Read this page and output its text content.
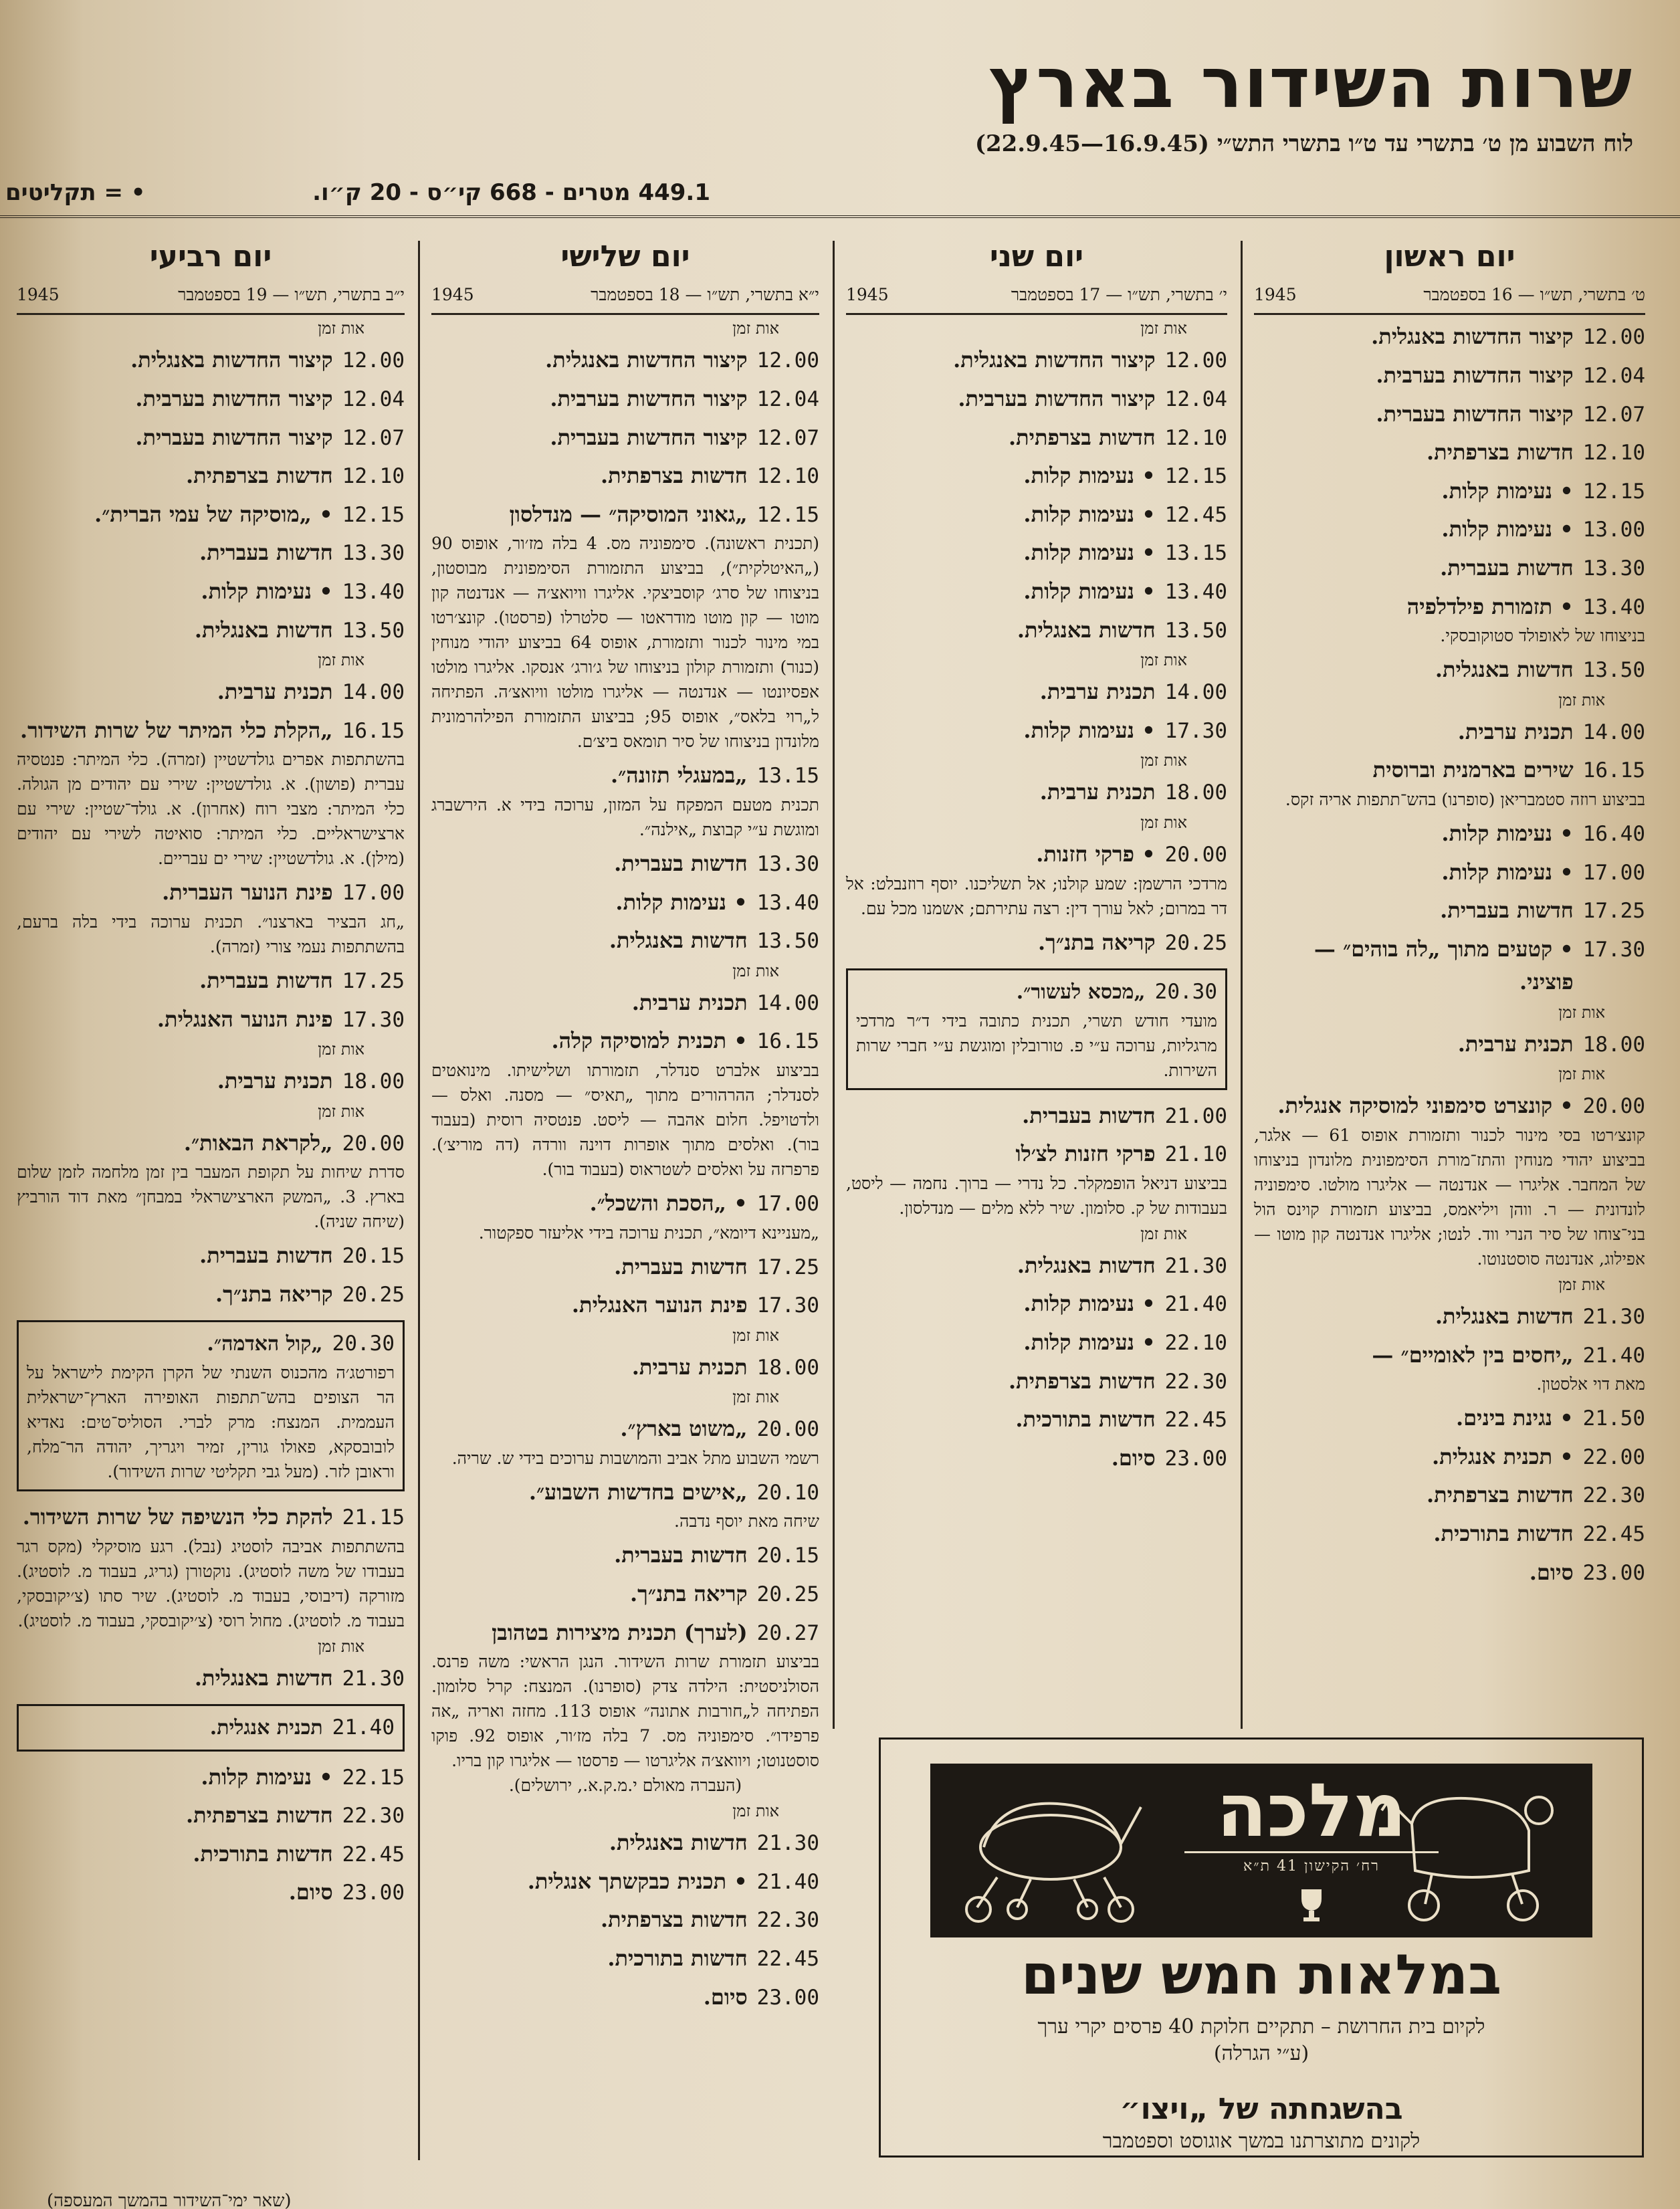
שרות השידור בארץ
לוח השבוע מן ט׳ בתשרי עד ט״ו בתשרי התש״י (16.9.45—22.9.45)
449.1 מטרים - 668 קי״ס - 20 ק״ו.
• = תקליטים
יום ראשון
ט׳ בתשרי, תש״ו — 16 בספטמבר
1945
12.00
קיצור החדשות באנגלית.
12.04
קיצור החדשות בערבית.
12.07
קיצור החדשות בעברית.
12.10
חדשות בצרפתית.
12.15
• נעימות קלות.
13.00
• נעימות קלות.
13.30
חדשות בעברית.
13.40
• תזמורת פילדלפיה
בניצוחו של לאופולד סטוקובסקי.
13.50
חדשות באנגלית.
אות זמן
14.00
תכנית ערבית.
16.15
שירים בארמנית וברוסית
בביצוע רוזה סטמבריאן (סופרנו) בהש־תתפות אריה זקס.
16.40
• נעימות קלות.
17.00
• נעימות קלות.
17.25
חדשות בעברית.
17.30
• קטעים מתוך „לה בוהים״ — פוציני.
אות זמן
18.00
תכנית ערבית.
אות זמן
20.00
• קונצרט סימפוני למוסיקה אנגלית.
קונצ׳רטו בסי מינור לכנור ותזמורת אופוס 61 — אלגר, בביצוע יהודי מנוחין והתז־מורת הסימפונית מלונדון בניצוחו של המחבר. אליגרו — אנדנטה — אליגרו מולטו. סימפוניה לונדונית — ר. ווהן ויליאמס, בביצוע תזמורת קוינס הול בני־צוחו של סיר הנרי ווד. לנטו; אליגרו אנדנטה קון מוטו — אפילוג, אנדנטה סוסטנוטו.
אות זמן
21.30
חדשות באנגלית.
21.40
„יחסים בין לאומיים״ —
מאת דוי אלסטון.
21.50
• נגינת בינים.
22.00
• תכנית אנגלית.
22.30
חדשות בצרפתית.
22.45
חדשות בתורכית.
23.00
סיום.
יום שני
י׳ בתשרי, תש״ו — 17 בספטמבר
1945
אות זמן
12.00
קיצור החדשות באנגלית.
12.04
קיצור החדשות בערבית.
12.10
חדשות בצרפתית.
12.15
• נעימות קלות.
12.45
• נעימות קלות.
13.15
• נעימות קלות.
13.40
• נעימות קלות.
13.50
חדשות באנגלית.
אות זמן
14.00
תכנית ערבית.
17.30
• נעימות קלות.
אות זמן
18.00
תכנית ערבית.
אות זמן
20.00
• פרקי חזנות.
מרדכי הרשמן: שמע קולנו; אל תשליכנו. יוסף רוזנבלט: אל דר במרום; לאל עורך דין: רצה עתירתם; אשמנו מכל עם.
20.25
קריאה בתנ״ך.
20.30
„מכסא לעשור״.
מועדי חודש תשרי, תכנית כתובה בידי ד״ר מרדכי מרגליות, ערוכה ע״י פ. טורובלין ומוגשת ע״י חברי שרות השירות.
21.00
חדשות בעברית.
21.10
פרקי חזנות לצ׳לו
בביצוע דניאל הופמקלר. כל נדרי — ברוך. נחמה — ליסט, בעבודות של ק. סלומון. שיר ללא מלים — מנדלסון.
אות זמן
21.30
חדשות באנגלית.
21.40
• נעימות קלות.
22.10
• נעימות קלות.
22.30
חדשות בצרפתית.
22.45
חדשות בתורכית.
23.00
סיום.
יום שלישי
י״א בתשרי, תש״ו — 18 בספטמבר
1945
אות זמן
12.00
קיצור החדשות באנגלית.
12.04
קיצור החדשות בערבית.
12.07
קיצור החדשות בעברית.
12.10
חדשות בצרפתית.
12.15
„גאוני המוסיקה״ — מנדלסון
(תכנית ראשונה). סימפוניה מס. 4 בלה מז׳ור, אופוס 90 („האיטלקית״), בביצוע התזמורת הסימפונית מבוסטון, בניצוחו של סרג׳ קוסביצקי. אליגרו וויואצ׳ה — אנדנטה קון מוטו — קון מוטו מודראטו — סלטרלו (פרסטו). קונצ׳רטו במי מינור לכנור ותזמורת, אופוס 64 בביצוע יהודי מנוחין (כנור) ותזמורת קולון בניצוחו של ג׳ורג׳ אנסקו. אליגרו מולטו אפסיונטו — אנדנטה — אליגרו מולטו וויואצ׳ה. הפתיחה ל„רוי בלאס״, אופוס 95; בביצוע התזמורת הפילהרמונית מלונדון בניצוחו של סיר תומאס ביצ׳ם.
13.15
„במעגלי תזונה״.
תכנית מטעם המפקח על המזון, ערוכה בידי א. הירשברג ומוגשת ע״י קבוצת „אילנה״.
13.30
חדשות בעברית.
13.40
• נעימות קלות.
13.50
חדשות באנגלית.
אות זמן
14.00
תכנית ערבית.
16.15
• תכנית למוסיקה קלה.
בביצוע אלברט סנדלר, תזמורתו ושלישיתו. מינואטים לסנדלר; ההרהורים מתוך „תאיס״ — מסנה. ואלס — ולדטויפל. חלום אהבה — ליסט. פנטסיה רוסית (בעבוד בור). ואלסים מתוך אופרות דוינה וורדה (דה מוריצ׳). פרפרזה על ואלסים לשטראוס (בעבוד בור).
17.00
• „הסכת והשכל״.
„מעניינא דיומא״, תכנית ערוכה בידי אליעזר ספקטור.
17.25
חדשות בעברית.
17.30
פינת הנוער האנגלית.
אות זמן
18.00
תכנית ערבית.
אות זמן
20.00
„משוט בארץ״.
רשמי השבוע מתל אביב והמושבות ערוכים בידי ש. שריה.
20.10
„אישים בחדשות השבוע״.
שיחה מאת יוסף נדבה.
20.15
חדשות בעברית.
20.25
קריאה בתנ״ך.
20.27
(לערך) תכנית מיצירות בטהובן
בביצוע תזמורת שרות השידור. הנגן הראשי: משה פרנס. הסולניסטית: הילדה צדק (סופרנו). המנצח: קרל סלומון. הפתיחה ל„חורבות אתונה״ אופוס 113. מחזה ואריה „אה פרפידו״. סימפוניה מס. 7 בלה מז׳ור, אופוס 92. פוקו סוסטנוטו; ויוואצ׳ה אליגרטו — פרסטו — אליגרו קון בריו.
(העברה מאולם י.מ.ק.א., ירושלים).
אות זמן
21.30
חדשות באנגלית.
21.40
• תכנית כבקשתך אנגלית.
22.30
חדשות בצרפתית.
22.45
חדשות בתורכית.
23.00
סיום.
יום רביעי
י״ב בתשרי, תש״ו — 19 בספטמבר
1945
אות זמן
12.00
קיצור החדשות באנגלית.
12.04
קיצור החדשות בערבית.
12.07
קיצור החדשות בעברית.
12.10
חדשות בצרפתית.
12.15
• „מוסיקה של עמי הברית״.
13.30
חדשות בעברית.
13.40
• נעימות קלות.
13.50
חדשות באנגלית.
אות זמן
14.00
תכנית ערבית.
16.15
„הקלת כלי המיתר של שרות השידור.
בהשתתפות אפרים גולדשטיין (זמרה). כלי המיתר: פנטסיה עברית (פושון). א. גולדשטיין: שירי עם יהודים מן הגולה. כלי המיתר: מצבי רוח (אחרון). א. גולד־שטיין: שירי עם ארצישראליים. כלי המיתר: סואיטה לשירי עם יהודים (מילן). א. גולדשטיין: שירי ים עבריים.
17.00
פינת הנוער העברית.
„חג הבציר בארצנו״. תכנית ערוכה בידי בלה ברעם, בהשתתפות נעמי צורי (זמרה).
17.25
חדשות בעברית.
17.30
פינת הנוער האנגלית.
אות זמן
18.00
תכנית ערבית.
אות זמן
20.00
„לקראת הבאות״.
סדרת שיחות על תקופת המעבר בין זמן מלחמה לזמן שלום בארץ. 3. „המשק הארצישראלי במבחן״ מאת דוד הורביץ (שיחה שניה).
20.15
חדשות בעברית.
20.25
קריאה בתנ״ך.
20.30
„קול האדמה״.
רפורטג׳ה מהכנוס השנתי של הקרן הקימת לישראל על הר הצופים בהש־תתפות האופירה הארץ־ישראלית העממית. המנצח: מרק לברי. הסוליס־טים: נאדיא לובובסקא, פאולו גורין, זמיר ויגריך, יהודה הר־מלח, וראובן לזר. (מעל גבי תקליטי שרות השידור).
21.15
להקת כלי הנשיפה של שרות השידור.
בהשתתפות אביבה לוסטיג (נבל). רגע מוסיקלי (מקס רגר בעבודו של משה לוסטיג). נוקטורן (גריג, בעבוד מ. לוסטיג). מזורקה (דיבוסי, בעבוד מ. לוסטיג). שיר סתו (צ׳יקובסקי, בעבוד מ. לוסטיג). מחול רוסי (צ׳יקובסקי, בעבוד מ. לוסטיג).
אות זמן
21.30
חדשות באנגלית.
21.40
תכנית אנגלית.
22.15
• נעימות קלות.
22.30
חדשות בצרפתית.
22.45
חדשות בתורכית.
23.00
סיום.
מלכה
רח׳ הקישון 41 ת״א
במלאות חמש שנים
לקיום בית החרושת – תתקיים חלוקת 40 פרסים יקרי ערך
(ע״י הגרלה)
בהשגחתה של „ויצו״
לקונים מתוצרתנו במשך אוגוסט וספטמבר
(שאר ימי־השידור בהמשך המעספה)
